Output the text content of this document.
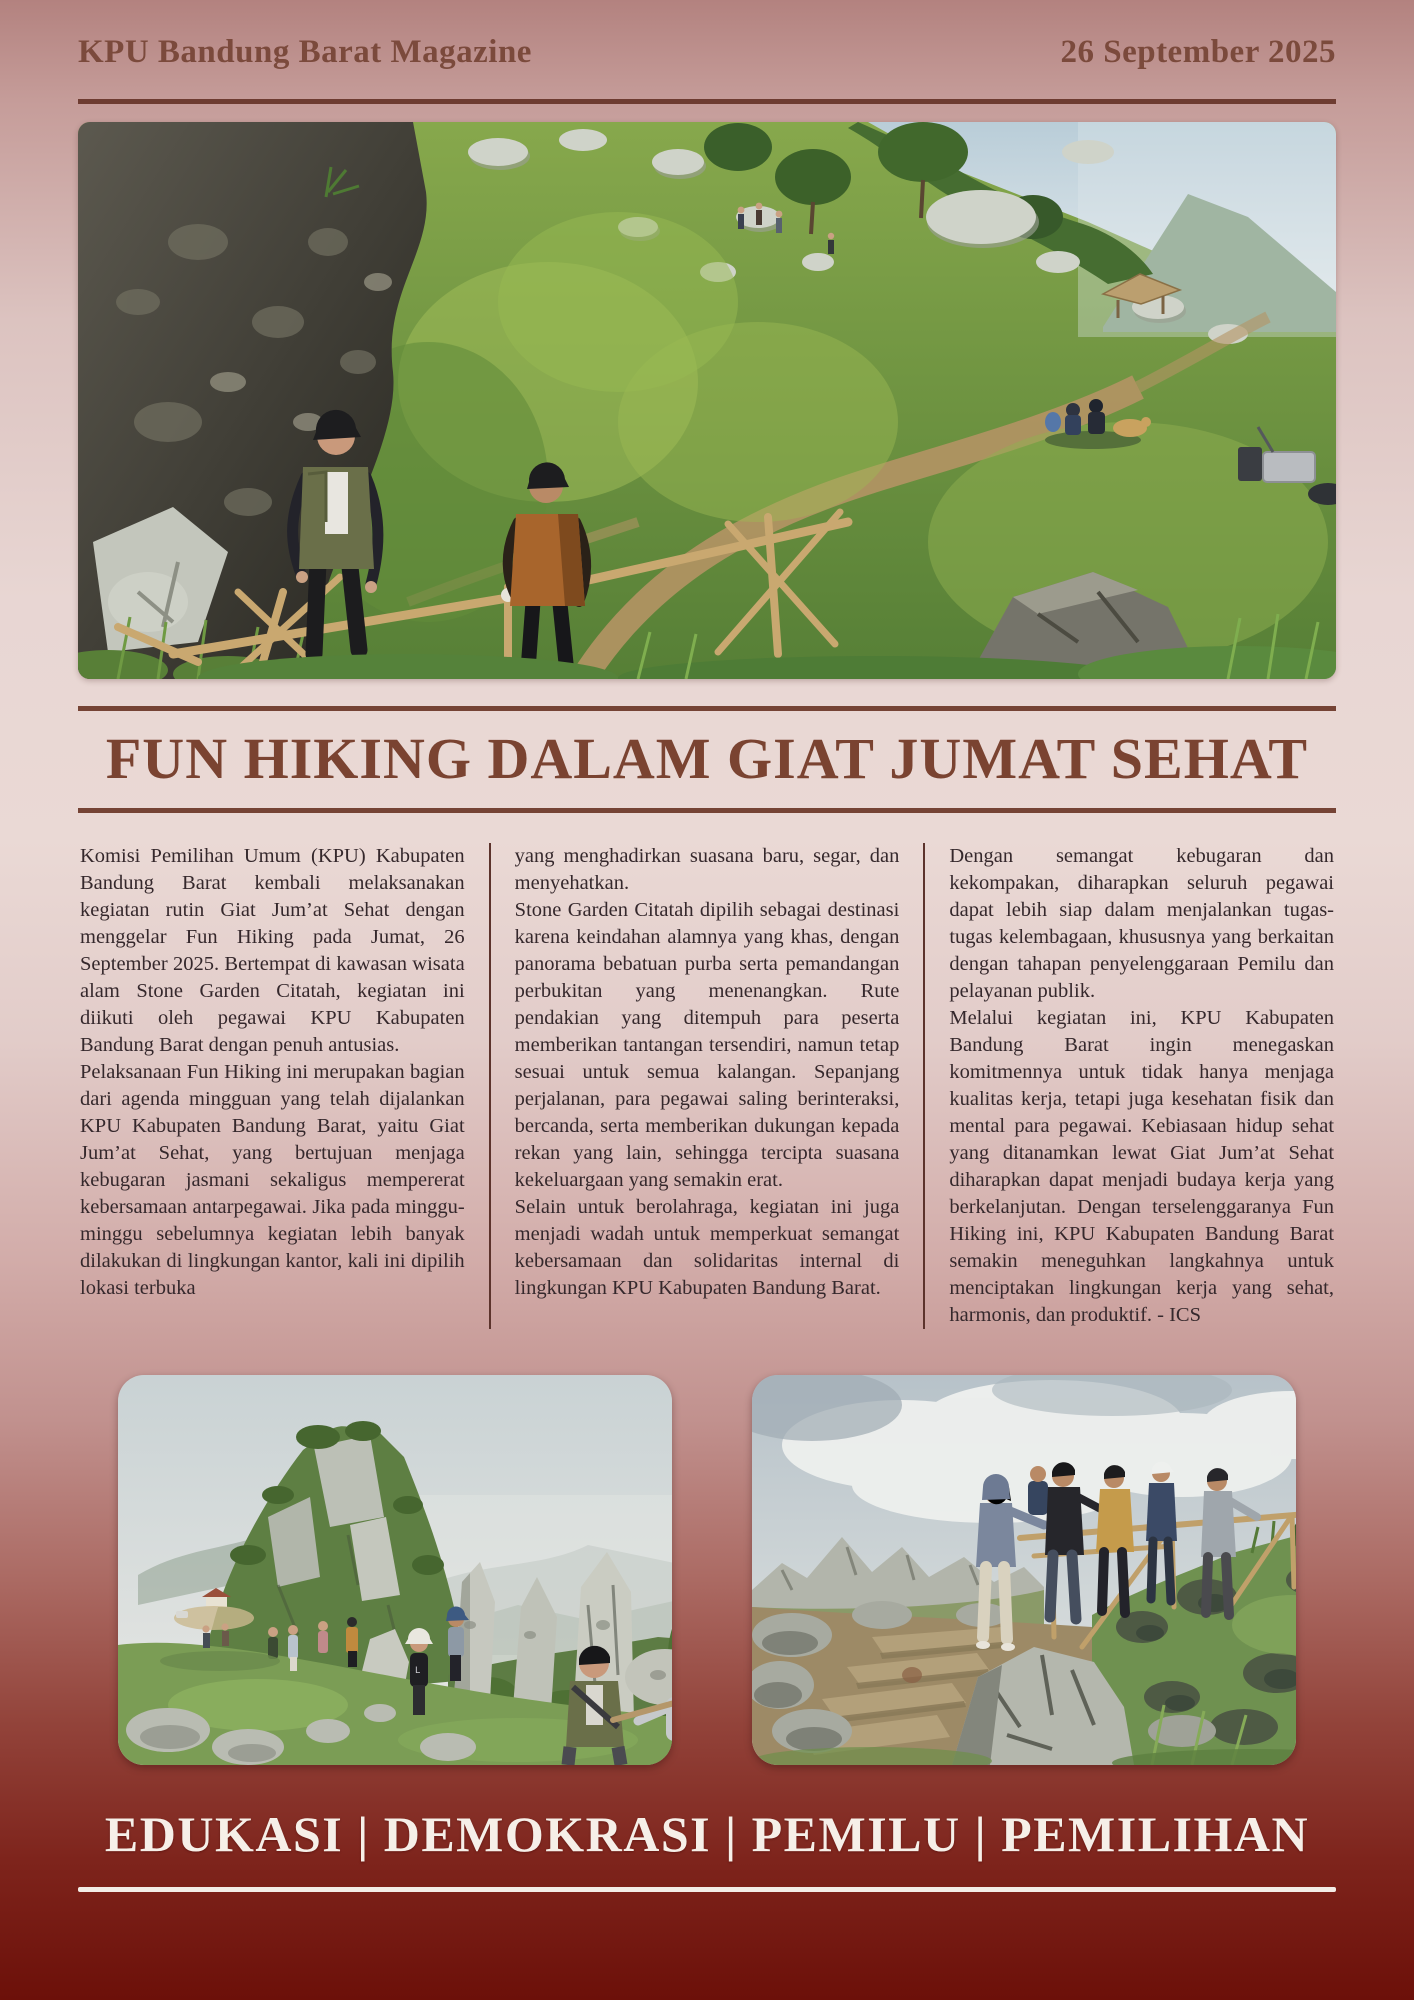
KPU Bandung Barat Magazine	26 September 2025
FUN HIKING DALAM GIAT JUMAT SEHAT

Komisi Pemilihan Umum (KPU) Kabupaten Bandung Barat kembali melaksanakan kegiatan rutin Giat Jum’at Sehat dengan menggelar Fun Hiking pada Jumat, 26 September 2025. Bertempat di kawasan wisata alam Stone Garden Citatah, kegiatan ini diikuti oleh pegawai KPU Kabupaten Bandung Barat dengan penuh antusias.

Pelaksanaan Fun Hiking ini merupakan bagian dari agenda mingguan yang telah dijalankan KPU Kabupaten Bandung Barat, yaitu Giat Jum’at Sehat, yang bertujuan menjaga kebugaran jasmani sekaligus mempererat kebersamaan antarpegawai. Jika pada minggu-minggu sebelumnya kegiatan lebih banyak dilakukan di lingkungan kantor, kali ini dipilih lokasi terbuka

yang menghadirkan suasana baru, segar, dan menyehatkan.

Stone Garden Citatah dipilih sebagai destinasi karena keindahan alamnya yang khas, dengan panorama bebatuan purba serta pemandangan perbukitan yang menenangkan. Rute pendakian yang ditempuh para peserta memberikan tantangan tersendiri, namun tetap sesuai untuk semua kalangan. Sepanjang perjalanan, para pegawai saling berinteraksi, bercanda, serta memberikan dukungan kepada rekan yang lain, sehingga tercipta suasana kekeluargaan yang semakin erat.

Selain untuk berolahraga, kegiatan ini juga menjadi wadah untuk memperkuat semangat kebersamaan dan solidaritas internal di lingkungan KPU Kabupaten Bandung Barat.

Dengan semangat kebugaran dan kekompakan, diharapkan seluruh pegawai dapat lebih siap dalam menjalankan tugas-tugas kelembagaan, khususnya yang berkaitan dengan tahapan penyelenggaraan Pemilu dan pelayanan publik.

Melalui kegiatan ini, KPU Kabupaten Bandung Barat ingin menegaskan komitmennya untuk tidak hanya menjaga kualitas kerja, tetapi juga kesehatan fisik dan mental para pegawai. Kebiasaan hidup sehat yang ditanamkan lewat Giat Jum’at Sehat diharapkan dapat menjadi budaya kerja yang berkelanjutan. Dengan terselenggaranya Fun Hiking ini, KPU Kabupaten Bandung Barat semakin meneguhkan langkahnya untuk menciptakan lingkungan kerja yang sehat, harmonis, dan produktif. - ICS

L
EDUKASI | DEMOKRASI | PEMILU | PEMILIHAN
